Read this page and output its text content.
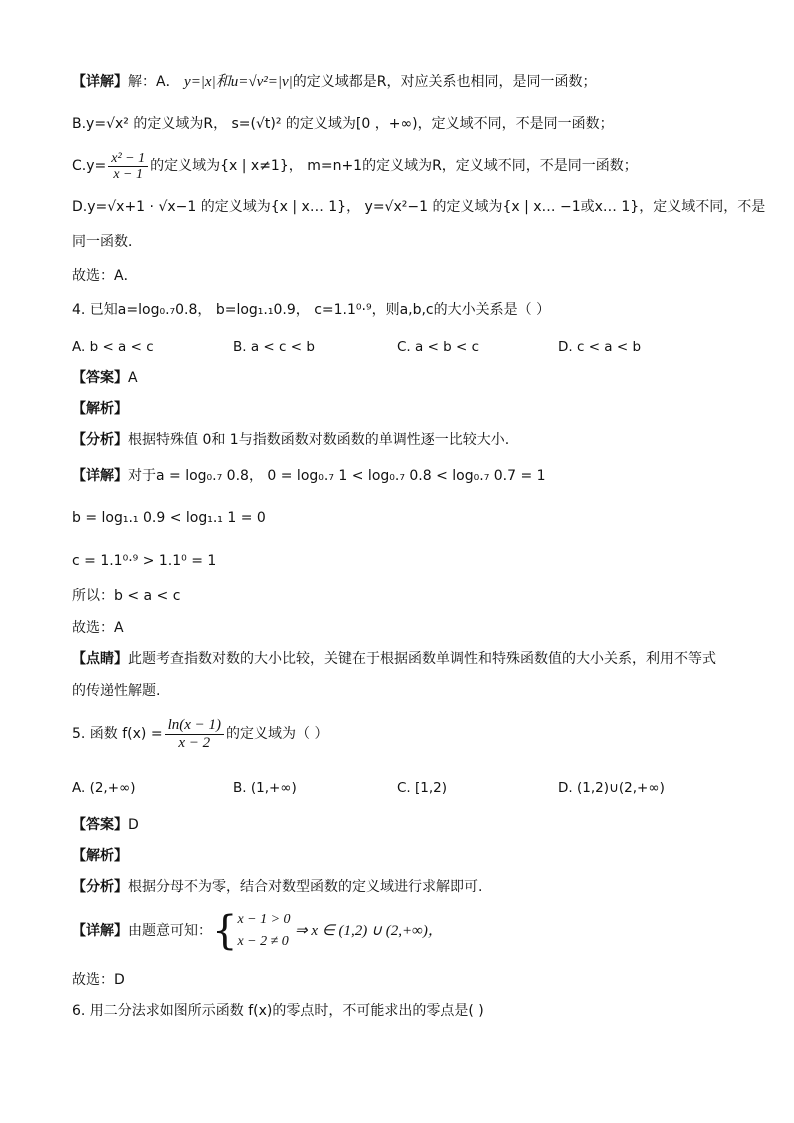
【详解】解：A． y=|x|和u=√v²=|v|的定义域都是R，对应关系也相同，是同一函数；
B.y=√x² 的定义域为R， s=(√t)² 的定义域为[0 ，+∞)，定义域不同，不是同一函数；
$C.y= \frac{\text{x² − 1}}{x - 1}$ 的定义域为{x | x≠1}， m=n+1的定义域为R，定义域不同，不是同一函数；
D.y=√x+1 · √x−1 的定义域为{x | x… 1}， y=√x²−1 的定义域为{x | x… −1或x… 1}，定义域不同，不是
同一函数．
故选：A．
4. 已知a=log₀.₇0.8， b=log₁.₁0.9， c=1.1⁰·⁹，则a,b,c的大小关系是（ ）
A. b < a < c	B. a < c < b	C. a < b < c	D. c < a < b
【答案】A
【解析】
【分析】根据特殊值 0和 1与指数函数对数函数的单调性逐一比较大小.
【详解】对于a = log₀.₇ 0.8， 0 = log₀.₇ 1 < log₀.₇ 0.8 < log₀.₇ 0.7 = 1
b = log₁.₁ 0.9 < log₁.₁ 1 = 0
c = 1.1⁰·⁹ > 1.1⁰ = 1
所以：b < a < c
故选：A
【点睛】此题考查指数对数的大小比较，关键在于根据函数单调性和特殊函数值的大小关系，利用不等式
的传递性解题.
5. 函数 $f(x) = \frac{\ln(x - 1)}{x - 2}$ 的定义域为（ ）
A. (2,+∞)	B. (1,+∞)	C. [1,2)	D. (1,2)∪(2,+∞)
【答案】D
【解析】
【分析】根据分母不为零，结合对数型函数的定义域进行求解即可.
【详解】由题意可知：{ x − 1 > 0
x − 2 ≠ 0
⇒ x ∈ (1,2) ∪ (2,+∞)，
故选：D
6. 用二分法求如图所示函数 f(x)的零点时，不可能求出的零点是( )
